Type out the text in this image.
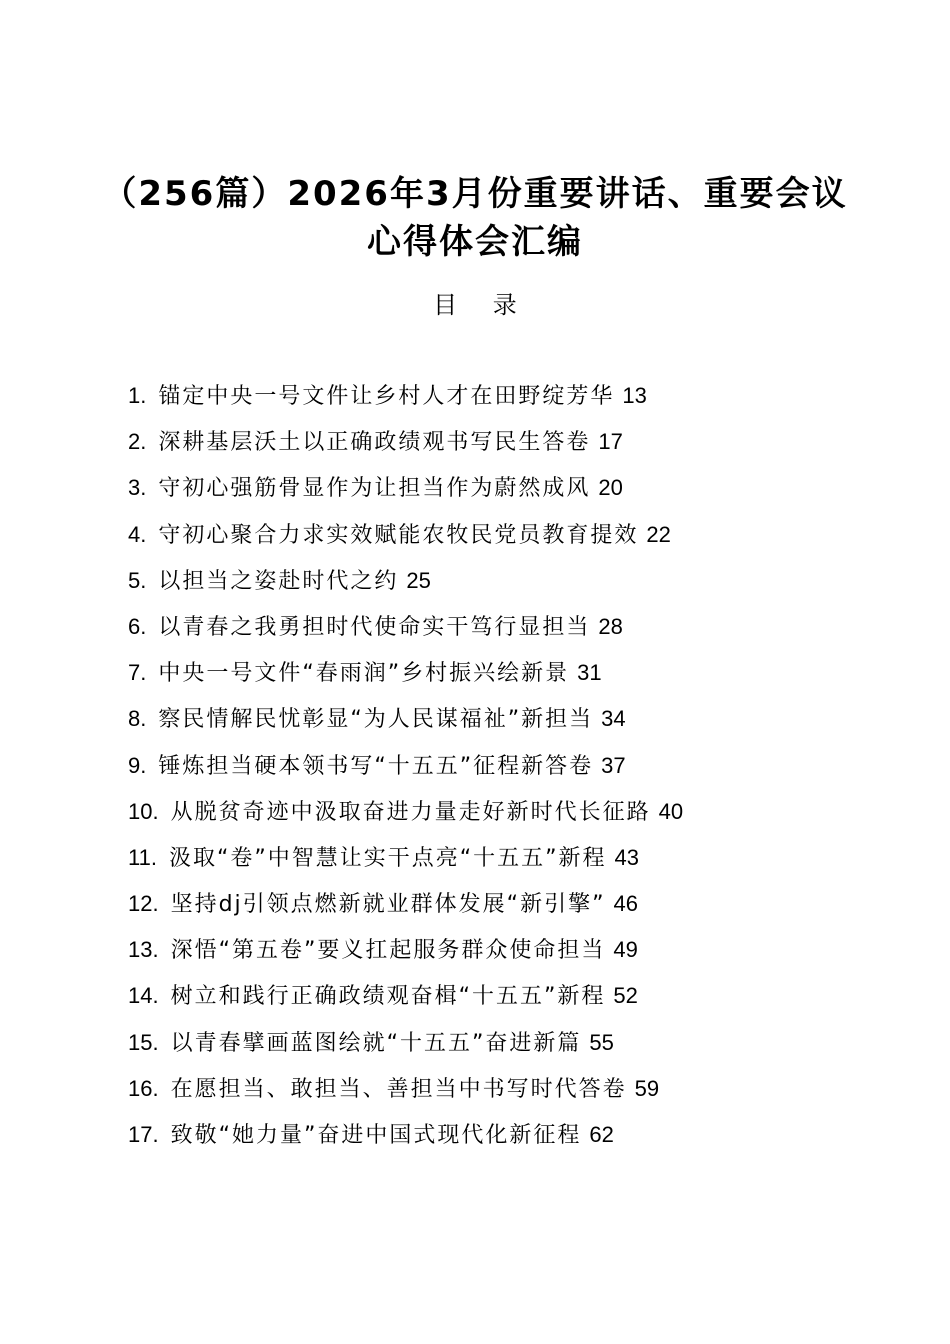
（256篇）2026年3月份重要讲话、重要会议
心得体会汇编
目 录
1. 锚定中央一号文件让乡村人才在田野绽芳华 13
2. 深耕基层沃土以正确政绩观书写民生答卷 17
3. 守初心强筋骨显作为让担当作为蔚然成风 20
4. 守初心聚合力求实效赋能农牧民党员教育提效 22
5. 以担当之姿赴时代之约 25
6. 以青春之我勇担时代使命实干笃行显担当 28
7. 中央一号文件“春雨润”乡村振兴绘新景 31
8. 察民情解民忧彰显“为人民谋福祉”新担当 34
9. 锤炼担当硬本领书写“十五五”征程新答卷 37
10. 从脱贫奇迹中汲取奋进力量走好新时代长征路 40
11. 汲取“卷”中智慧让实干点亮“十五五”新程 43
12. 坚持dj引领点燃新就业群体发展“新引擎” 46
13. 深悟“第五卷”要义扛起服务群众使命担当 49
14. 树立和践行正确政绩观奋楫“十五五”新程 52
15. 以青春擘画蓝图绘就“十五五”奋进新篇 55
16. 在愿担当、敢担当、善担当中书写时代答卷 59
17. 致敬“她力量”奋进中国式现代化新征程 62
